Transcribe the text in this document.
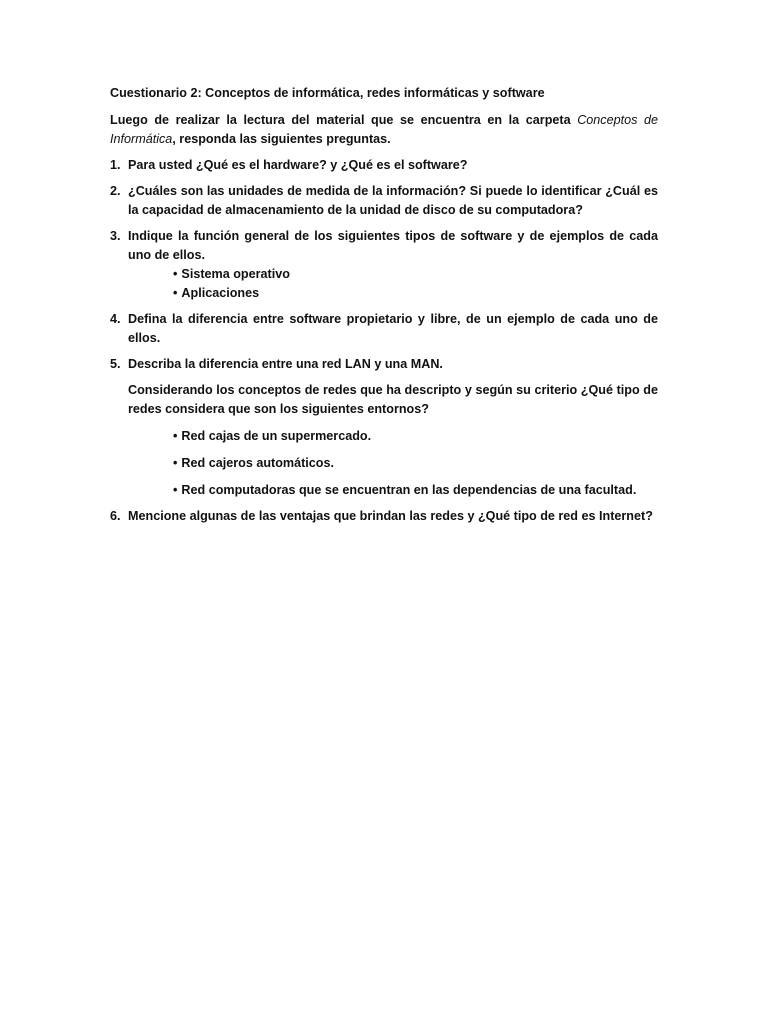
Cuestionario 2: Conceptos de informática, redes informáticas y software

Luego de realizar la lectura del material que se encuentra en la carpeta Conceptos de Informática, responda las siguientes preguntas.

1. Para usted ¿Qué es el hardware? y ¿Qué es el software?
2. ¿Cuáles son las unidades de medida de la información? Si puede lo identificar ¿Cuál es la capacidad de almacenamiento de la unidad de disco de su computadora?
3. Indique la función general de los siguientes tipos de software y de ejemplos de cada uno de ellos.
• Sistema operativo
• Aplicaciones
4. Defina la diferencia entre software propietario y libre, de un ejemplo de cada uno de ellos.
5. Describa la diferencia entre una red LAN y una MAN.
Considerando los conceptos de redes que ha descripto y según su criterio ¿Qué tipo de redes considera que son los siguientes entornos?
• Red cajas de un supermercado.
• Red cajeros automáticos.
• Red computadoras que se encuentran en las dependencias de una facultad.
6. Mencione algunas de las ventajas que brindan las redes y ¿Qué tipo de red es Internet?
